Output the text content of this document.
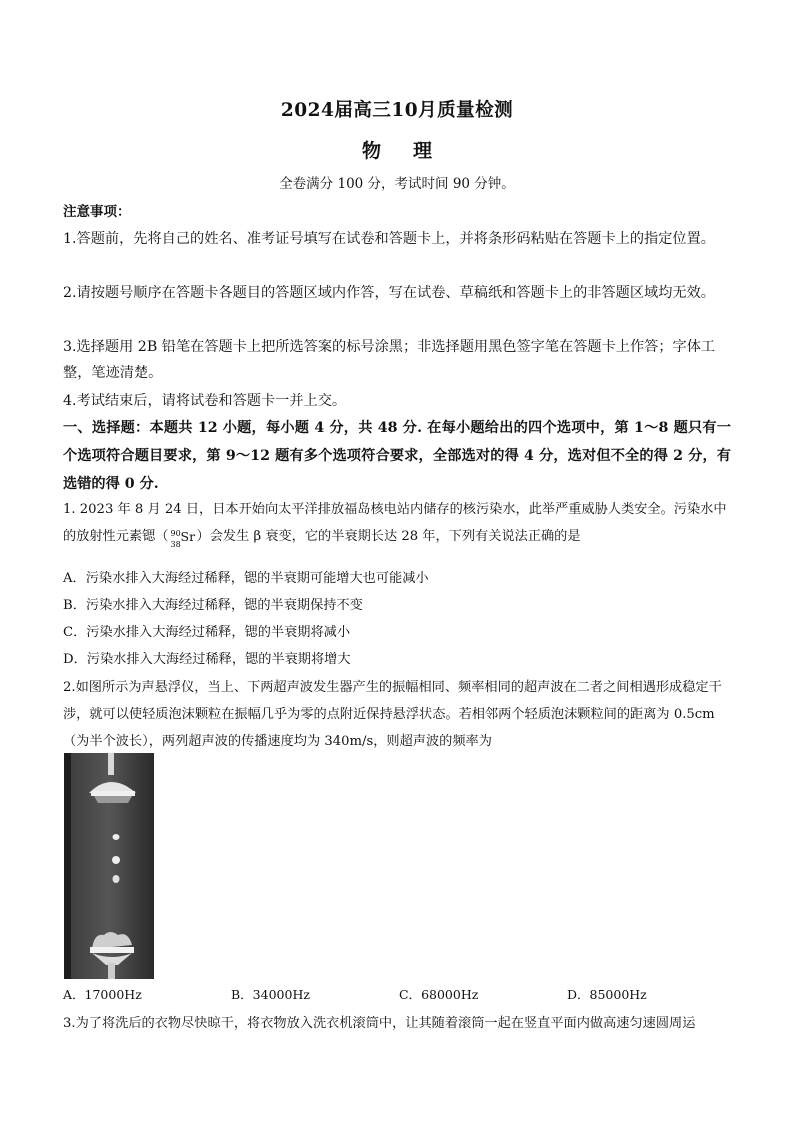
2024届高三10月质量检测
物 理
全卷满分 100 分，考试时间 90 分钟。
注意事项：
1.答题前，先将自己的姓名、准考证号填写在试卷和答题卡上，并将条形码粘贴在答题卡上的指定位置。
2.请按题号顺序在答题卡各题目的答题区域内作答，写在试卷、草稿纸和答题卡上的非答题区域均无效。
3.选择题用 2B 铅笔在答题卡上把所选答案的标号涂黑；非选择题用黑色签字笔在答题卡上作答；字体工整，笔迹清楚。
4.考试结束后，请将试卷和答题卡一并上交。
一、选择题：本题共 12 小题，每小题 4 分，共 48 分. 在每小题给出的四个选项中，第 1～8 题只有一个选项符合题目要求，第 9～12 题有多个选项符合要求，全部选对的得 4 分，选对但不全的得 2 分，有选错的得 0 分.
1. 2023 年 8 月 24 日，日本开始向太平洋排放福岛核电站内储存的核污染水，此举严重威胁人类安全。污染水中的放射性元素锶（ 90
38
Sr ）会发生 β 衰变，它的半衰期长达 28 年，下列有关说法正确的是
A．污染水排入大海经过稀释，锶的半衰期可能增大也可能减小
B．污染水排入大海经过稀释，锶的半衰期保持不变
C．污染水排入大海经过稀释，锶的半衰期将减小
D．污染水排入大海经过稀释，锶的半衰期将增大
2.如图所示为声悬浮仪，当上、下两超声波发生器产生的振幅相同、频率相同的超声波在二者之间相遇形成稳定干涉，就可以使轻质泡沫颗粒在振幅几乎为零的点附近保持悬浮状态。若相邻两个轻质泡沫颗粒间的距离为 0.5cm（为半个波长），两列超声波的传播速度均为 340m/s，则超声波的频率为
A．17000Hz	B．34000Hz	C．68000Hz	D．85000Hz
3.为了将洗后的衣物尽快晾干，将衣物放入洗衣机滚筒中，让其随着滚筒一起在竖直平面内做高速匀速圆周运
